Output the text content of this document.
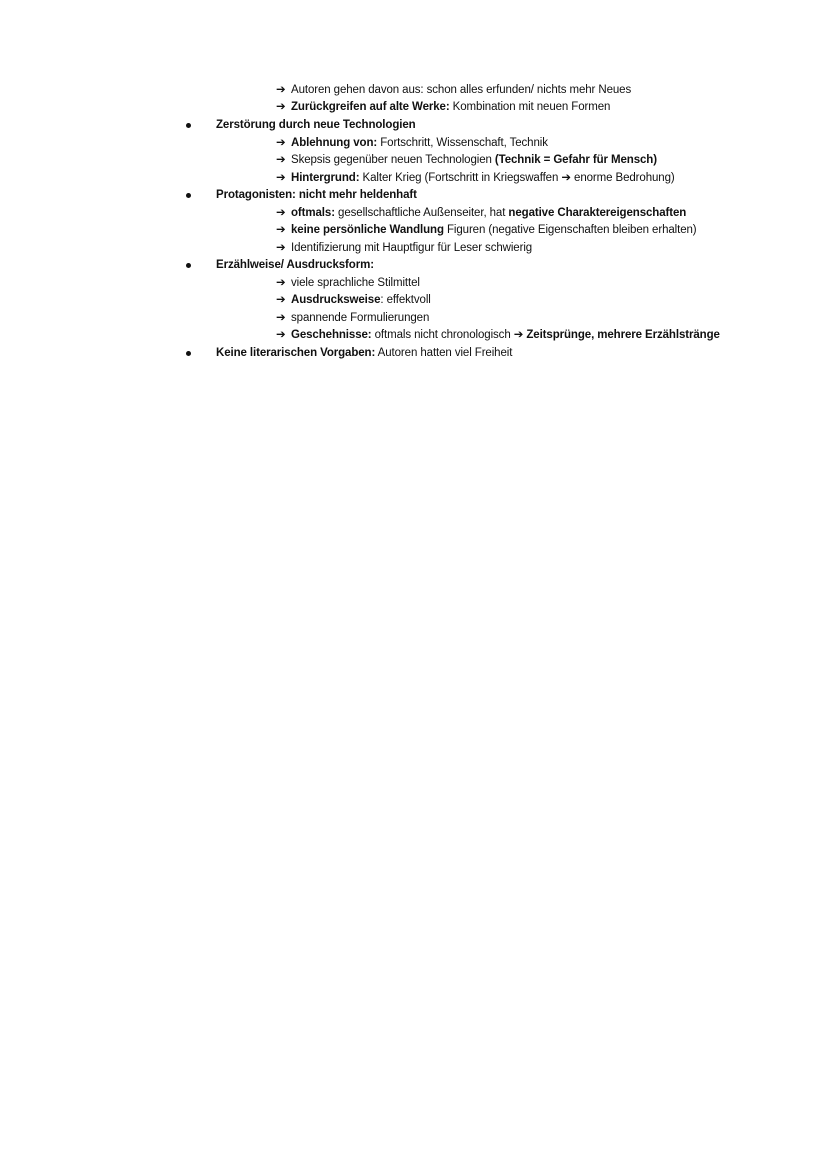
➔ Autoren gehen davon aus: schon alles erfunden/ nichts mehr Neues
➔ Zurückgreifen auf alte Werke: Kombination mit neuen Formen
Zerstörung durch neue Technologien
➔ Ablehnung von: Fortschritt, Wissenschaft, Technik
➔ Skepsis gegenüber neuen Technologien (Technik = Gefahr für Mensch)
➔ Hintergrund: Kalter Krieg (Fortschritt in Kriegswaffen ➔ enorme Bedrohung)
Protagonisten: nicht mehr heldenhaft
➔ oftmals: gesellschaftliche Außenseiter, hat negative Charaktereigenschaften
➔ keine persönliche Wandlung Figuren (negative Eigenschaften bleiben erhalten)
➔ Identifizierung mit Hauptfigur für Leser schwierig
Erzählweise/ Ausdrucksform:
➔ viele sprachliche Stilmittel
➔ Ausdrucksweise: effektvoll
➔ spannende Formulierungen
➔ Geschehnisse: oftmals nicht chronologisch ➔ Zeitsprünge, mehrere Erzählstränge
Keine literarischen Vorgaben: Autoren hatten viel Freiheit
